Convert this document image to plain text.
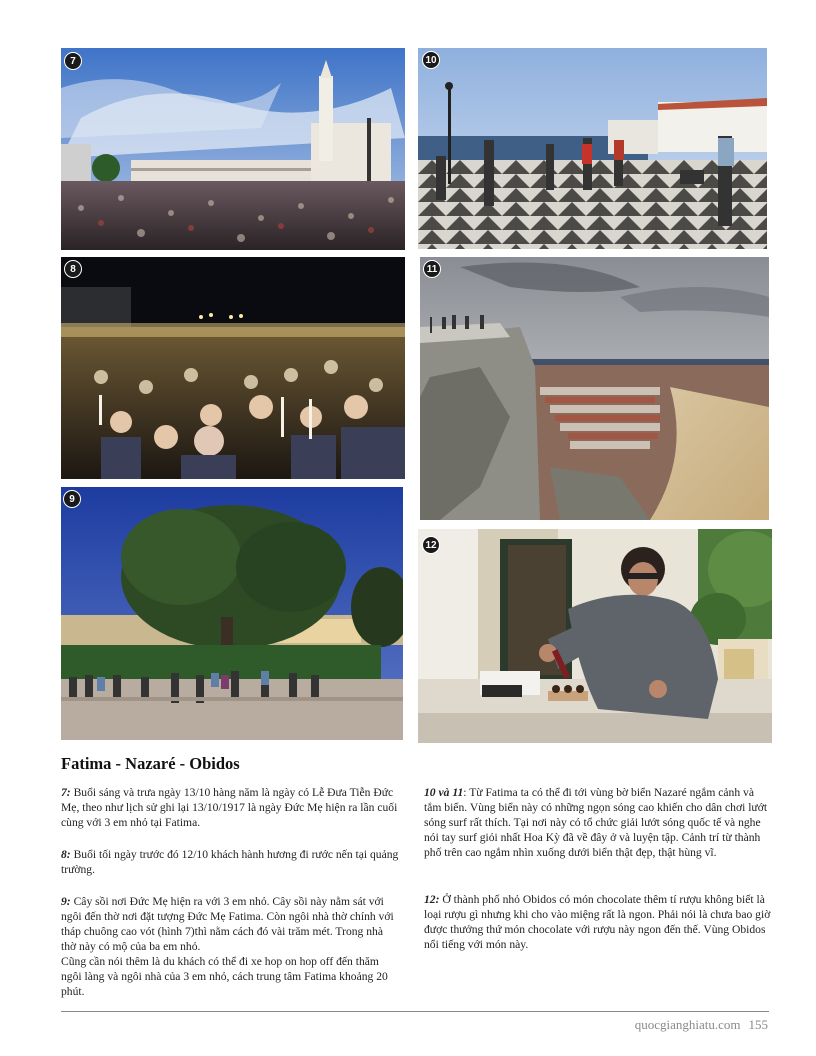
7	10
8	11
9
12
Fatima - Nazaré - Obidos

7: Buổi sáng và trưa ngày 13/10 hàng năm là ngày có Lễ Đưa Tiễn Đức Mẹ, theo như lịch sử ghi lại 13/10/1917 là ngày Đức Mẹ hiện ra lần cuối cùng với 3 em nhỏ tại Fatima.

8: Buổi tối ngày trước đó 12/10 khách hành hương đi rước nến tại quảng trường.

9: Cây sồi nơi Đức Mẹ hiện ra với 3 em nhỏ. Cây sồi này nằm sát với ngôi đến thờ nơi đặt tượng Đức Mẹ Fatima. Còn ngôi nhà thờ chính với tháp chuông cao vót (hình 7)thì nằm cách đó vài trăm mét. Trong nhà thờ này có mộ của ba em nhỏ.

Cũng cần nói thêm là du khách có thể đi xe hop on hop off đến thăm ngôi làng và ngôi nhà của 3 em nhỏ, cách trung tâm Fatima khoảng 20 phút.

10 và 11: Từ Fatima ta có thể đi tới vùng bờ biển Nazaré ngắm cảnh và tắm biển. Vùng biển này có những ngọn sóng cao khiến cho dân chơi lướt sóng surf rất thích. Tại nơi này có tổ chức giải lướt sóng quốc tế và nghe nói tay surf giỏi nhất Hoa Kỳ đã về đây ở và luyện tập. Cảnh trí từ thành phố trên cao ngắm nhìn xuống dưới biển thật đẹp, thật hùng vĩ.

12: Ở thành phố nhỏ Obidos có món chocolate thêm tí rượu không biết là loại rượu gì nhưng khi cho vào miệng rất là ngon. Phải nói là chưa bao giờ được thưởng thứ món chocolate với rượu này ngon đến thế. Vùng Obidos nổi tiếng với món này.

quocgianghiatu.com 155
